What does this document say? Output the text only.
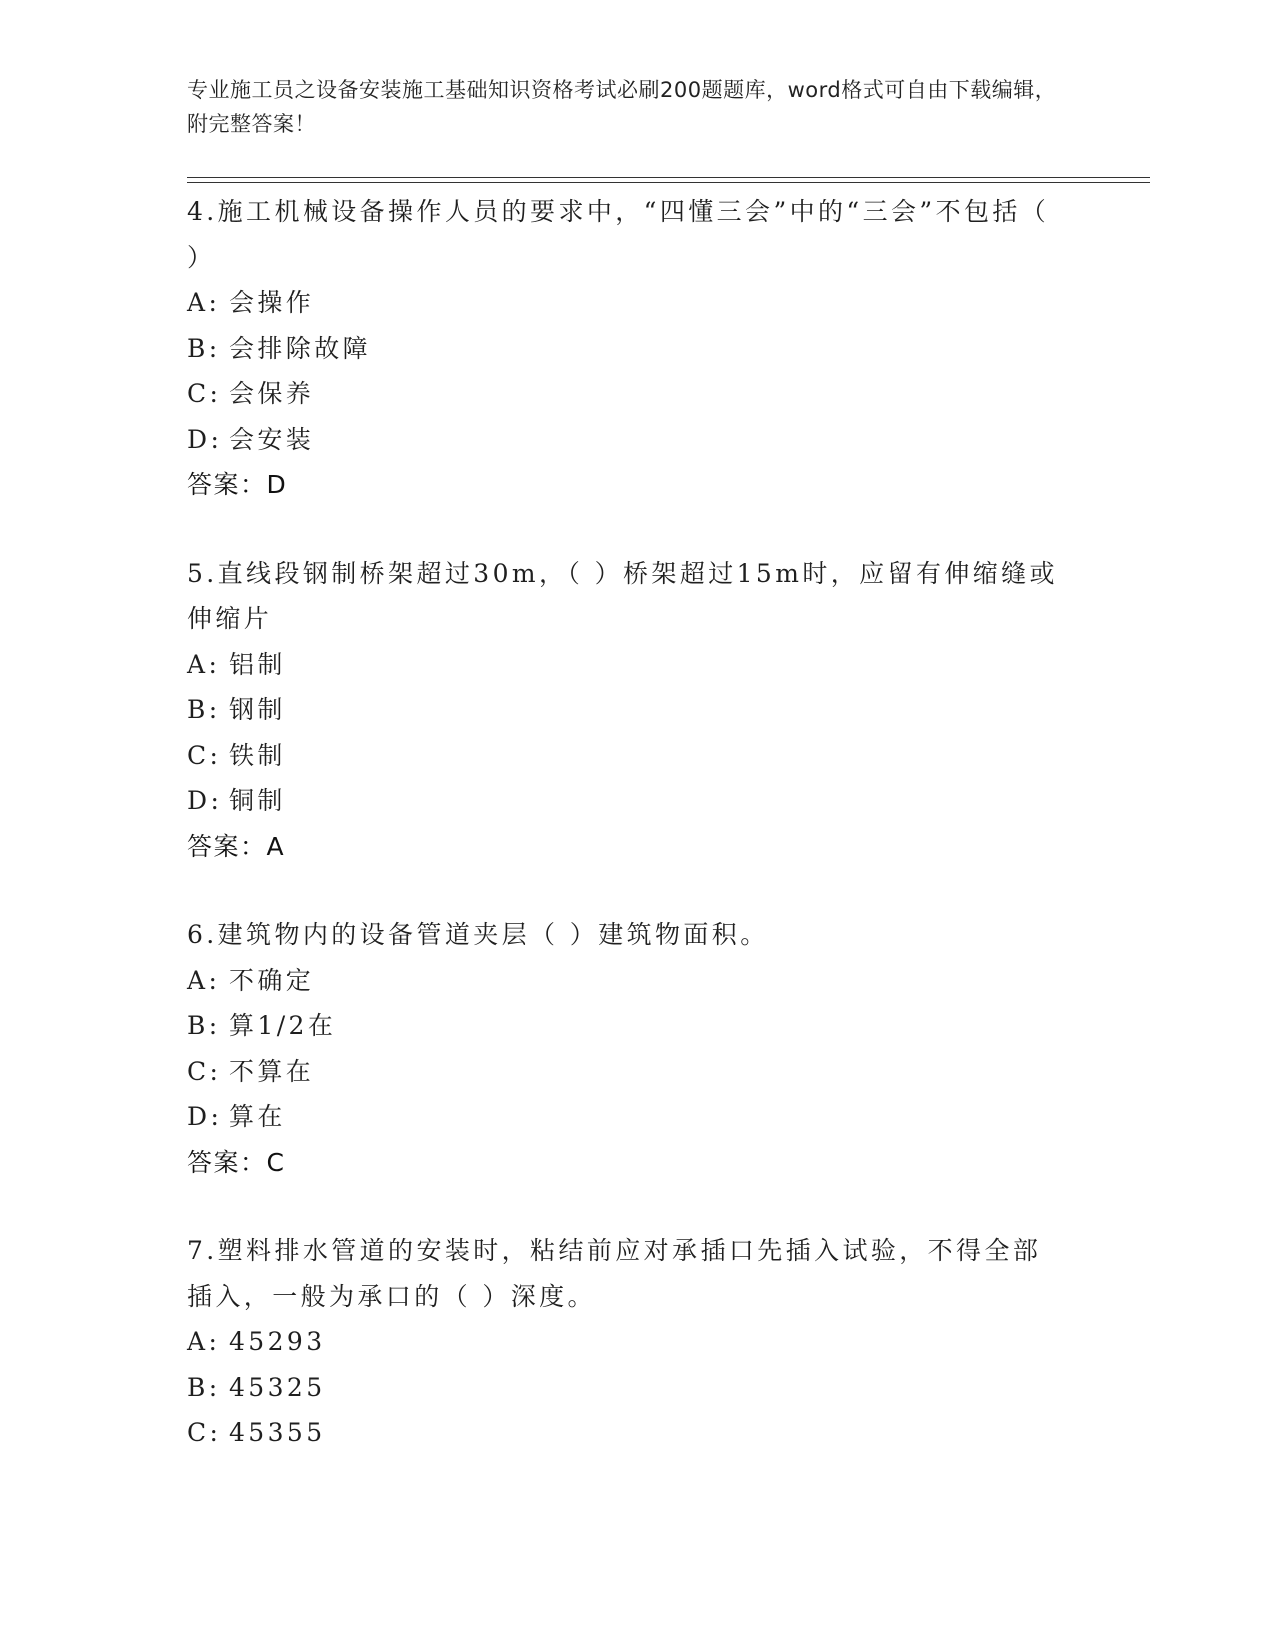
专业施工员之设备安装施工基础知识资格考试必刷200题题库，word格式可自由下载编辑，附完整答案！

4.施工机械设备操作人员的要求中，“四懂三会”中的“三会”不包括（ ）

A: 会操作

B: 会排除故障

C: 会保养

D: 会安装

答案：D

5.直线段钢制桥架超过30m，（ ）桥架超过15m时，应留有伸缩缝或伸缩片

A: 铝制

B: 钢制

C: 铁制

D: 铜制

答案：A

6.建筑物内的设备管道夹层（ ）建筑物面积。

A: 不确定

B: 算1/2在

C: 不算在

D: 算在

答案：C

7.塑料排水管道的安装时，粘结前应对承插口先插入试验，不得全部插入，一般为承口的（ ）深度。

A: 45293

B: 45325

C: 45355
